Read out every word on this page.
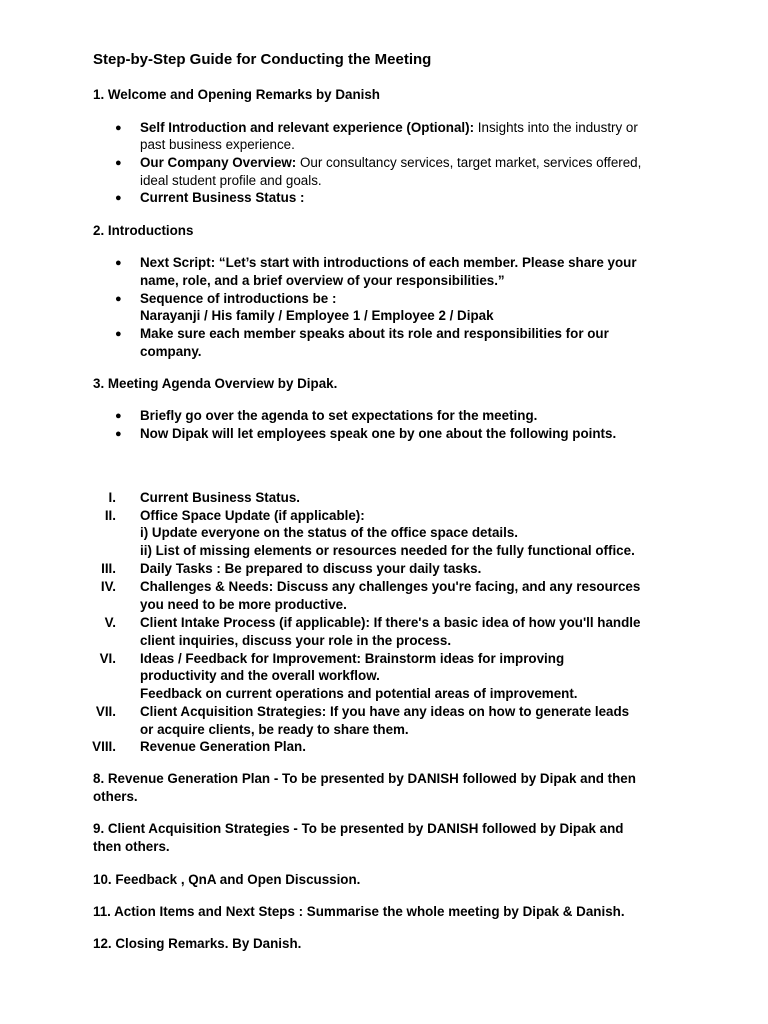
Step-by-Step Guide for Conducting the Meeting
1. Welcome and Opening Remarks by Danish
● Self Introduction and relevant experience (Optional): Insights into the industry or
past business experience.
● Our Company Overview: Our consultancy services, target market, services offered,
ideal student profile and goals.
● Current Business Status :
2. Introductions
● Next Script: “Let’s start with introductions of each member. Please share your
name, role, and a brief overview of your responsibilities.”
● Sequence of introductions be :
Narayanji / His family / Employee 1 / Employee 2 / Dipak
● Make sure each member speaks about its role and responsibilities for our
company.
3. Meeting Agenda Overview by Dipak.
● Briefly go over the agenda to set expectations for the meeting.
● Now Dipak will let employees speak one by one about the following points.
I. Current Business Status.
II. Office Space Update (if applicable):
i) Update everyone on the status of the office space details.
ii) List of missing elements or resources needed for the fully functional office.
III. Daily Tasks : Be prepared to discuss your daily tasks.
IV. Challenges & Needs: Discuss any challenges you're facing, and any resources
you need to be more productive.
V. Client Intake Process (if applicable): If there's a basic idea of how you'll handle
client inquiries, discuss your role in the process.
VI. Ideas / Feedback for Improvement: Brainstorm ideas for improving
productivity and the overall workflow.
Feedback on current operations and potential areas of improvement.
VII. Client Acquisition Strategies: If you have any ideas on how to generate leads
or acquire clients, be ready to share them.
VIII. Revenue Generation Plan.
8. Revenue Generation Plan - To be presented by DANISH followed by Dipak and then
others.
9. Client Acquisition Strategies - To be presented by DANISH followed by Dipak and
then others.
10. Feedback , QnA and Open Discussion.
11. Action Items and Next Steps : Summarise the whole meeting by Dipak & Danish.
12. Closing Remarks. By Danish.
